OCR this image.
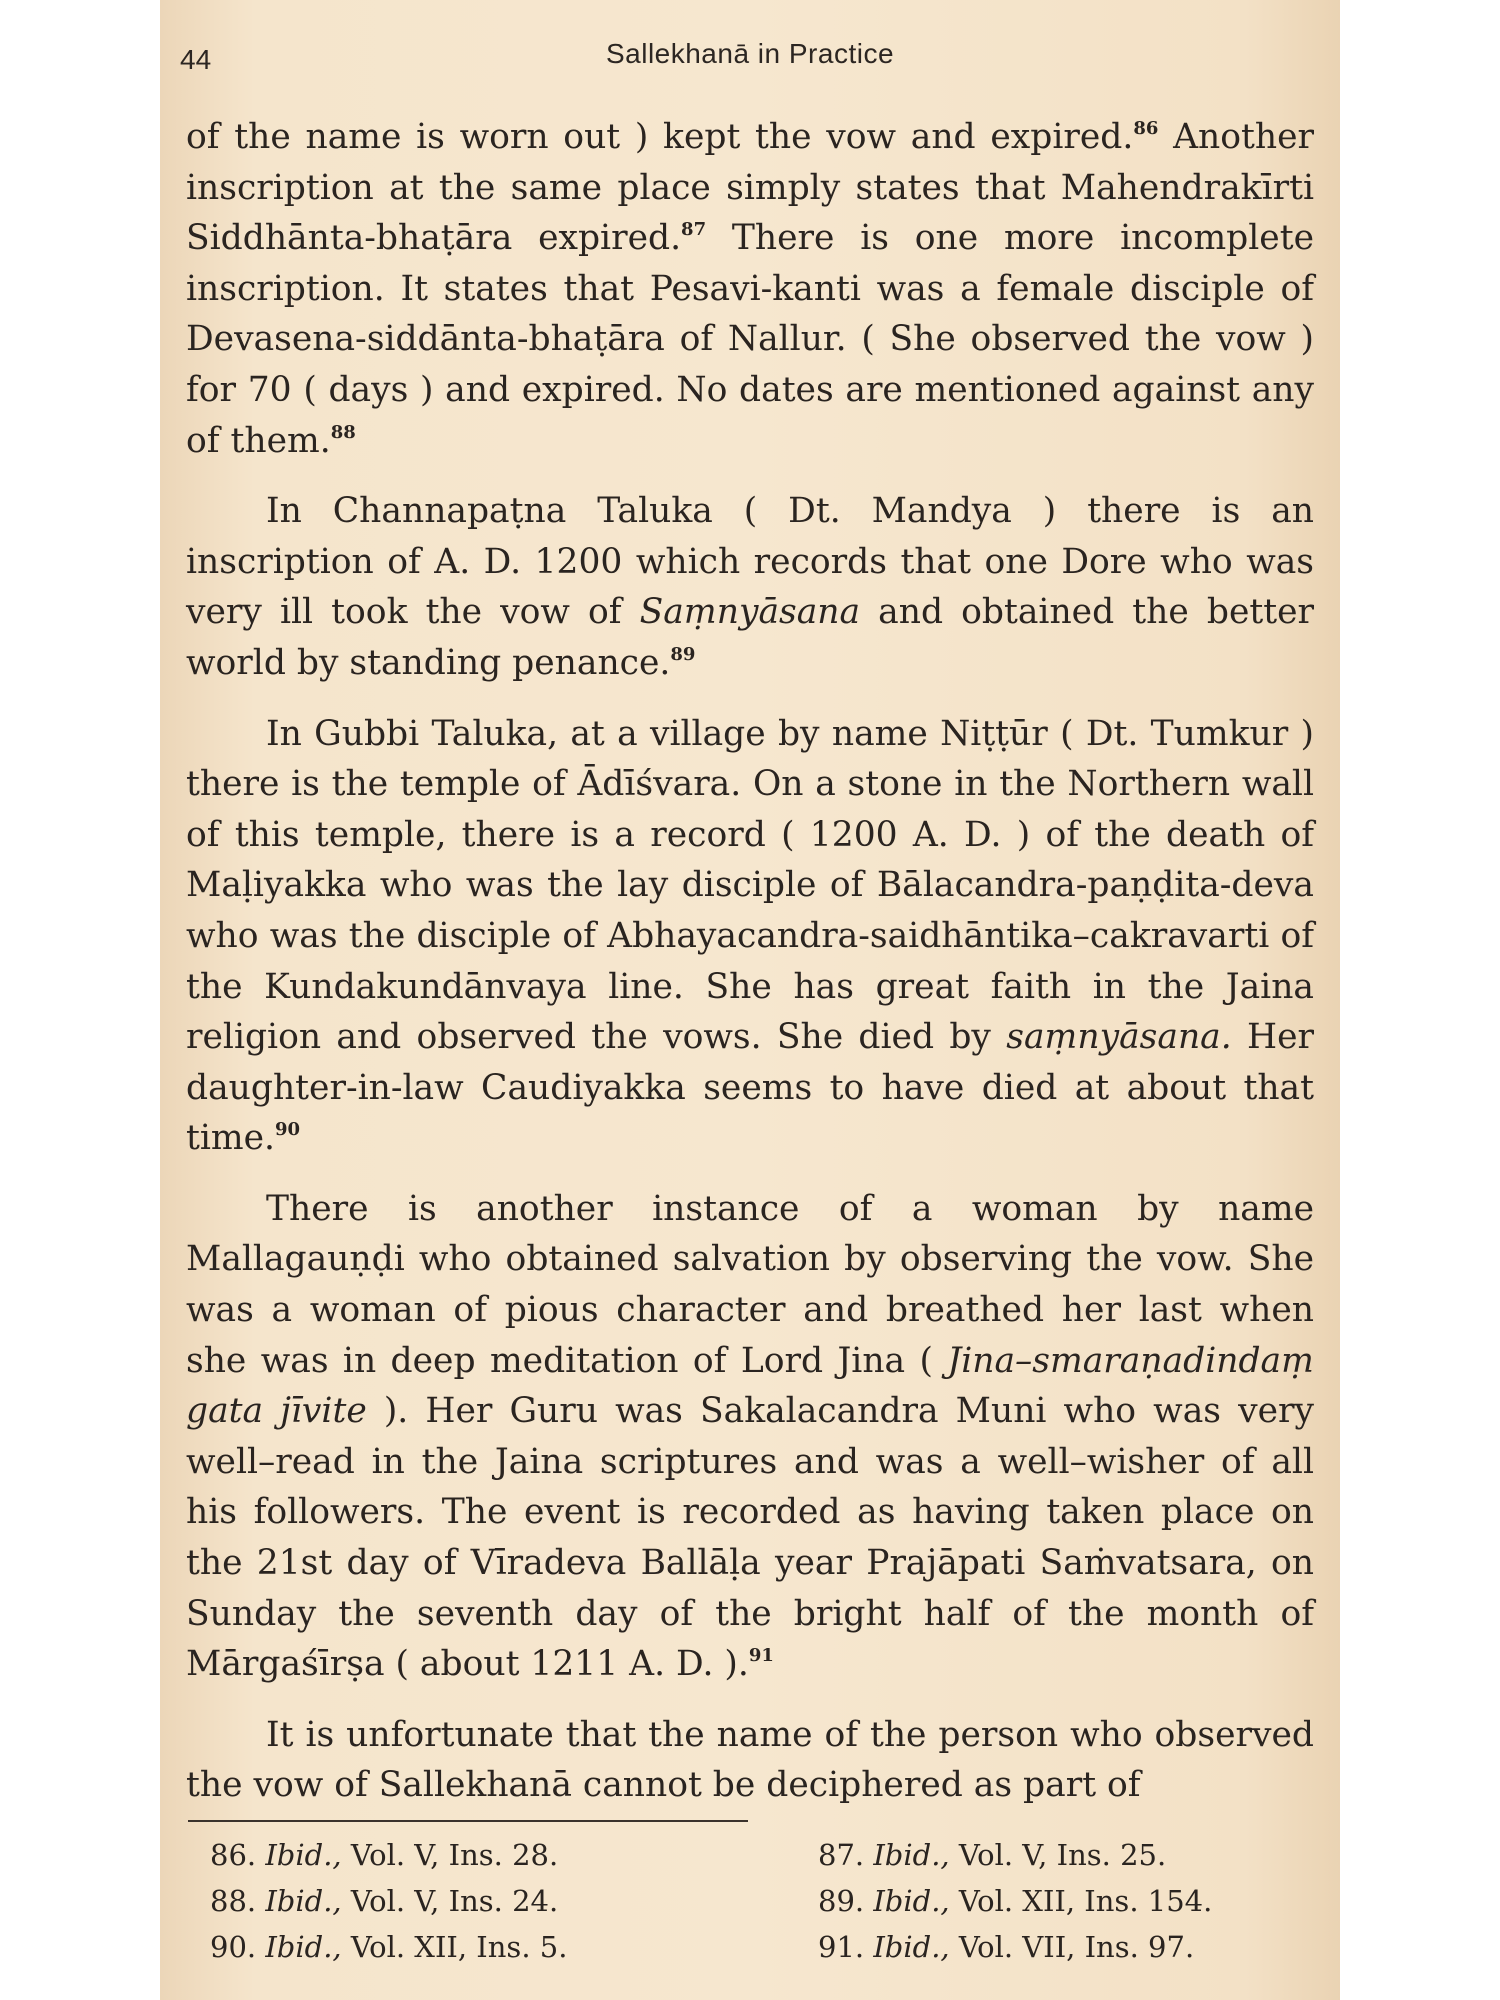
44	Sallekhanā in Practice

of the name is worn out ) kept the vow and expired.$^{86}$ Another inscription at the same place simply states that Mahendrakīrti Siddhānta-bhaṭāra expired.$^{87}$ There is one more incomplete inscription. It states that Pesavi-kanti was a female disciple of Devasena-siddānta-bhaṭāra of Nallur. ( She observed the vow ) for 70 ( days ) and expired. No dates are mentioned against any of them.$^{88}$

In Channapaṭna Taluka ( Dt. Mandya ) there is an inscription of A. D. 1200 which records that one Dore who was very ill took the vow of Saṃnyāsana and obtained the better world by standing penance.$^{89}$

In Gubbi Taluka, at a village by name Niṭṭūr ( Dt. Tumkur ) there is the temple of Ādīśvara. On a stone in the Northern wall of this temple, there is a record ( 1200 A. D. ) of the death of Maḷiyakka who was the lay disciple of Bālacandra-paṇḍita-deva who was the disciple of Abhayacandra-saidhāntika–cakravarti of the Kundakundānvaya line. She has great faith in the Jaina religion and observed the vows. She died by saṃnyāsana. Her daughter-in-law Caudiyakka seems to have died at about that time.$^{90}$

There is another instance of a woman by name Mallagauṇḍi who obtained salvation by observing the vow. She was a woman of pious character and breathed her last when she was in deep meditation of Lord Jina ( Jina–smaraṇadindaṃ gata jīvite ). Her Guru was Sakalacandra Muni who was very well–read in the Jaina scriptures and was a well–wisher of all his followers. The event is recorded as having taken place on the 21st day of Vīradeva Ballāḷa year Prajāpati Saṁvatsara, on Sunday the seventh day of the bright half of the month of Mārgaśīrṣa ( about 1211 A. D. ).$^{91}$

It is unfortunate that the name of the person who observed the vow of Sallekhanā cannot be deciphered as part of

86. Ibid., Vol. V, Ins. 28.	87. Ibid., Vol. V, Ins. 25.
88. Ibid., Vol. V, Ins. 24.	89. Ibid., Vol. XII, Ins. 154.
90. Ibid., Vol. XII, Ins. 5.	91. Ibid., Vol. VII, Ins. 97.
